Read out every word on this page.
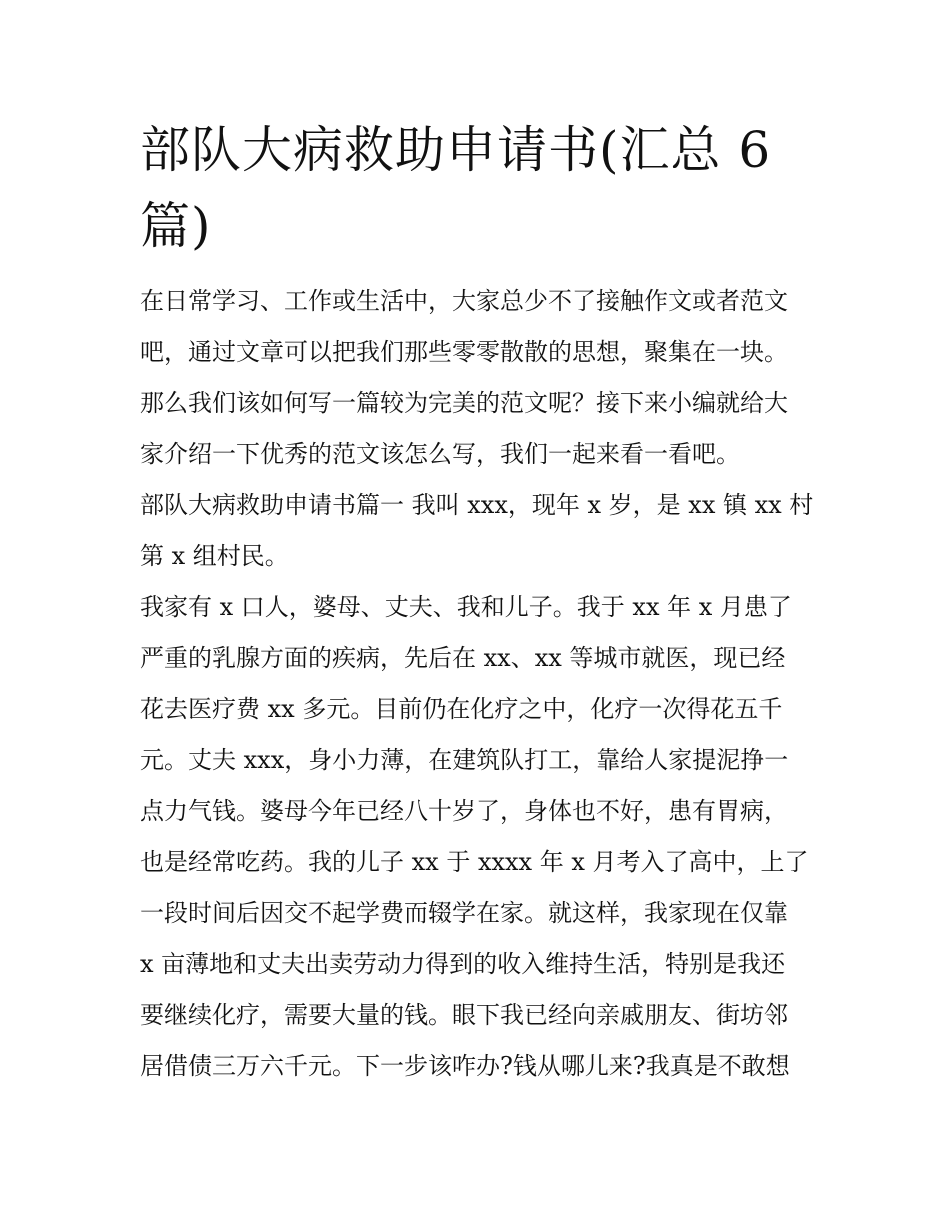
部队大病救助申请书(汇总 6 篇)
在日常学习、工作或生活中，大家总少不了接触作文或者范文
吧，通过文章可以把我们那些零零散散的思想，聚集在一块。
那么我们该如何写一篇较为完美的范文呢？接下来小编就给大
家介绍一下优秀的范文该怎么写，我们一起来看一看吧。
部队大病救助申请书篇一 我叫 xxx，现年 x 岁，是 xx 镇 xx 村
第 x 组村民。
我家有 x 口人，婆母、丈夫、我和儿子。我于 xx 年 x 月患了
严重的乳腺方面的疾病，先后在 xx、xx 等城市就医，现已经
花去医疗费 xx 多元。目前仍在化疗之中，化疗一次得花五千
元。丈夫 xxx，身小力薄，在建筑队打工，靠给人家提泥挣一
点力气钱。婆母今年已经八十岁了，身体也不好，患有胃病，
也是经常吃药。我的儿子 xx 于 xxxx 年 x 月考入了高中，上了
一段时间后因交不起学费而辍学在家。就这样，我家现在仅靠
x 亩薄地和丈夫出卖劳动力得到的收入维持生活，特别是我还
要继续化疗，需要大量的钱。眼下我已经向亲戚朋友、街坊邻
居借债三万六千元。下一步该咋办?钱从哪儿来?我真是不敢想
